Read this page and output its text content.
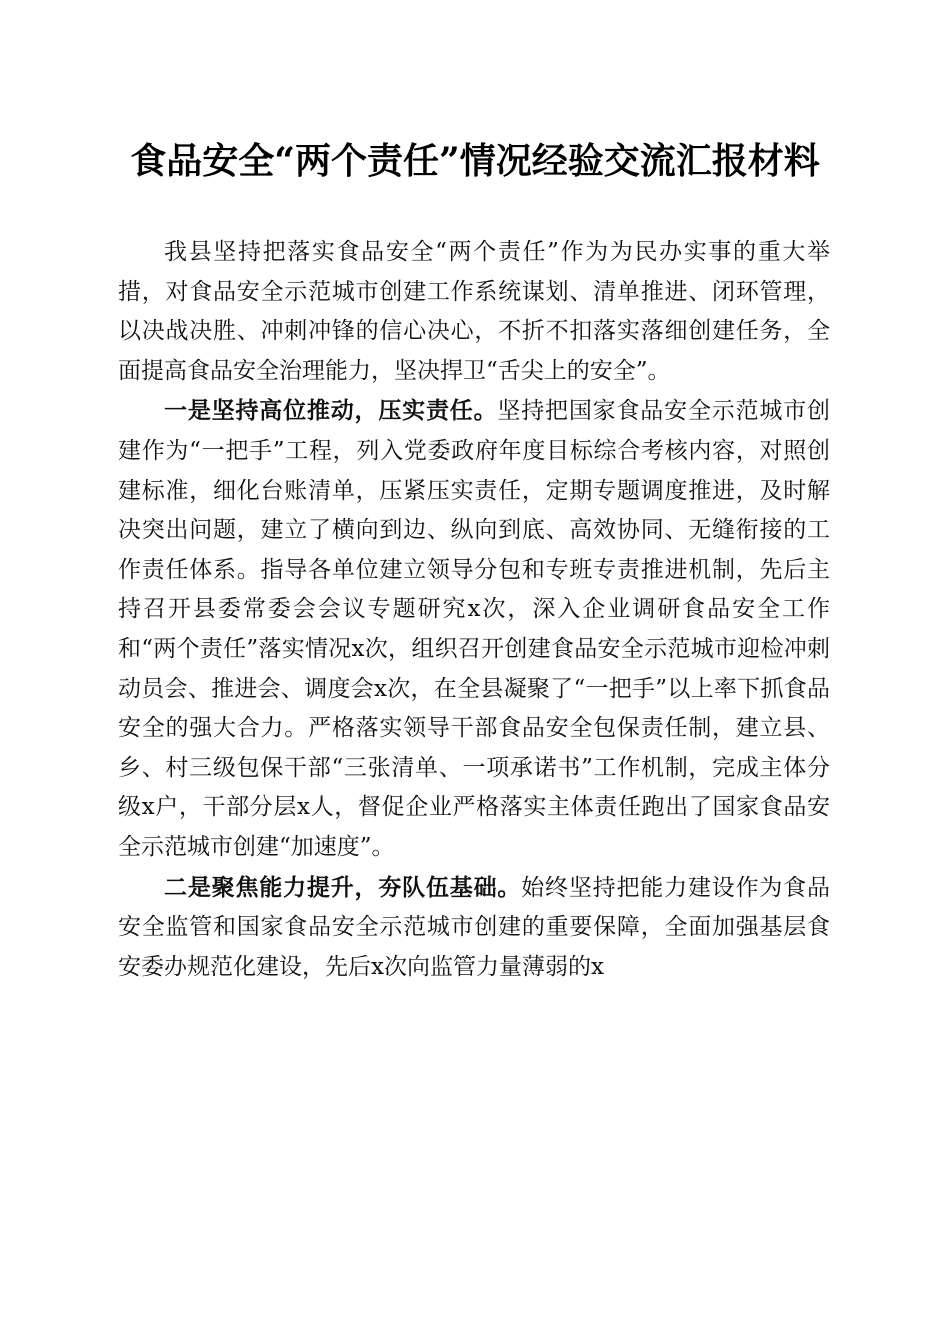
食品安全“两个责任”情况经验交流汇报材料

我县坚持把落实食品安全“两个责任”作为为民办实事的重大举措，对食品安全示范城市创建工作系统谋划、清单推进、闭环管理，以决战决胜、冲刺冲锋的信心决心，不折不扣落实落细创建任务，全面提高食品安全治理能力，坚决捍卫“舌尖上的安全”。

一是坚持高位推动，压实责任。坚持把国家食品安全示范城市创建作为“一把手”工程，列入党委政府年度目标综合考核内容，对照创建标准，细化台账清单，压紧压实责任，定期专题调度推进，及时解决突出问题，建立了横向到边、纵向到底、高效协同、无缝衔接的工作责任体系。指导各单位建立领导分包和专班专责推进机制，先后主持召开县委常委会会议专题研究x次，深入企业调研食品安全工作和“两个责任”落实情况x次，组织召开创建食品安全示范城市迎检冲刺动员会、推进会、调度会x次，在全县凝聚了“一把手”以上率下抓食品安全的强大合力。严格落实领导干部食品安全包保责任制，建立县、乡、村三级包保干部“三张清单、一项承诺书”工作机制，完成主体分级x户，干部分层x人，督促企业严格落实主体责任跑出了国家食品安全示范城市创建“加速度”。

二是聚焦能力提升，夯队伍基础。始终坚持把能力建设作为食品安全监管和国家食品安全示范城市创建的重要保障，全面加强基层食安委办规范化建设，先后x次向监管力量薄弱的x
